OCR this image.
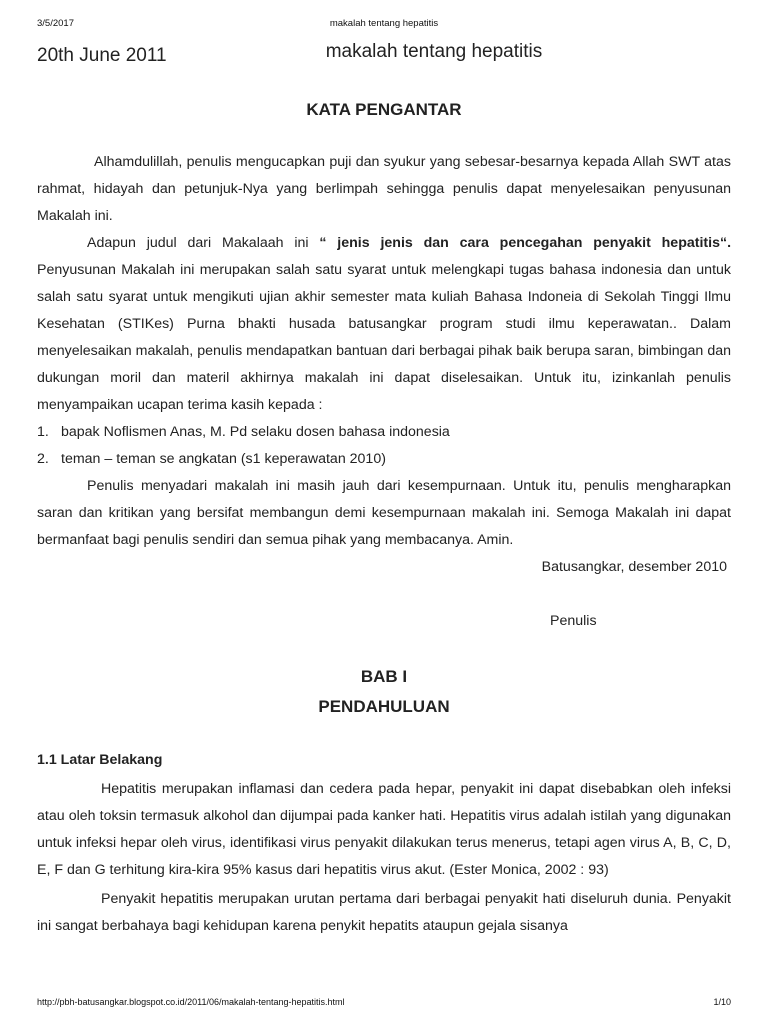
3/5/2017	makalah tentang hepatitis
20th June 2011	makalah tentang hepatitis
KATA PENGANTAR

Alhamdulillah, penulis mengucapkan puji dan syukur yang sebesar-besarnya kepada Allah SWT atas rahmat, hidayah dan petunjuk-Nya yang berlimpah sehingga penulis dapat menyelesaikan penyusunan Makalah ini.

Adapun judul dari Makalaah ini “ jenis jenis dan cara pencegahan penyakit hepatitis“. Penyusunan Makalah ini merupakan salah satu syarat untuk melengkapi tugas bahasa indonesia dan untuk salah satu syarat untuk mengikuti ujian akhir semester mata kuliah Bahasa Indoneia di Sekolah Tinggi Ilmu Kesehatan (STIKes) Purna bhakti husada batusangkar program studi ilmu keperawatan.. Dalam menyelesaikan makalah, penulis mendapatkan bantuan dari berbagai pihak baik berupa saran, bimbingan dan dukungan moril dan materil akhirnya makalah ini dapat diselesaikan. Untuk itu, izinkanlah penulis menyampaikan ucapan terima kasih kepada :

1. bapak Noflismen Anas, M. Pd selaku dosen bahasa indonesia
2. teman – teman se angkatan (s1 keperawatan 2010)

Penulis menyadari makalah ini masih jauh dari kesempurnaan. Untuk itu, penulis mengharapkan saran dan kritikan yang bersifat membangun demi kesempurnaan makalah ini. Semoga Makalah ini dapat bermanfaat bagi penulis sendiri dan semua pihak yang membacanya. Amin.

Batusangkar, desember 2010

Penulis

BAB I
PENDAHULUAN

1.1 Latar Belakang

Hepatitis merupakan inflamasi dan cedera pada hepar, penyakit ini dapat disebabkan oleh infeksi atau oleh toksin termasuk alkohol dan dijumpai pada kanker hati. Hepatitis virus adalah istilah yang digunakan untuk infeksi hepar oleh virus, identifikasi virus penyakit dilakukan terus menerus, tetapi agen virus A, B, C, D, E, F dan G terhitung kira-kira 95% kasus dari hepatitis virus akut. (Ester Monica, 2002 : 93)

Penyakit hepatitis merupakan urutan pertama dari berbagai penyakit hati diseluruh dunia. Penyakit ini sangat berbahaya bagi kehidupan karena penykit hepatits ataupun gejala sisanya

http://pbh-batusangkar.blogspot.co.id/2011/06/makalah-tentang-hepatitis.html	1/10
